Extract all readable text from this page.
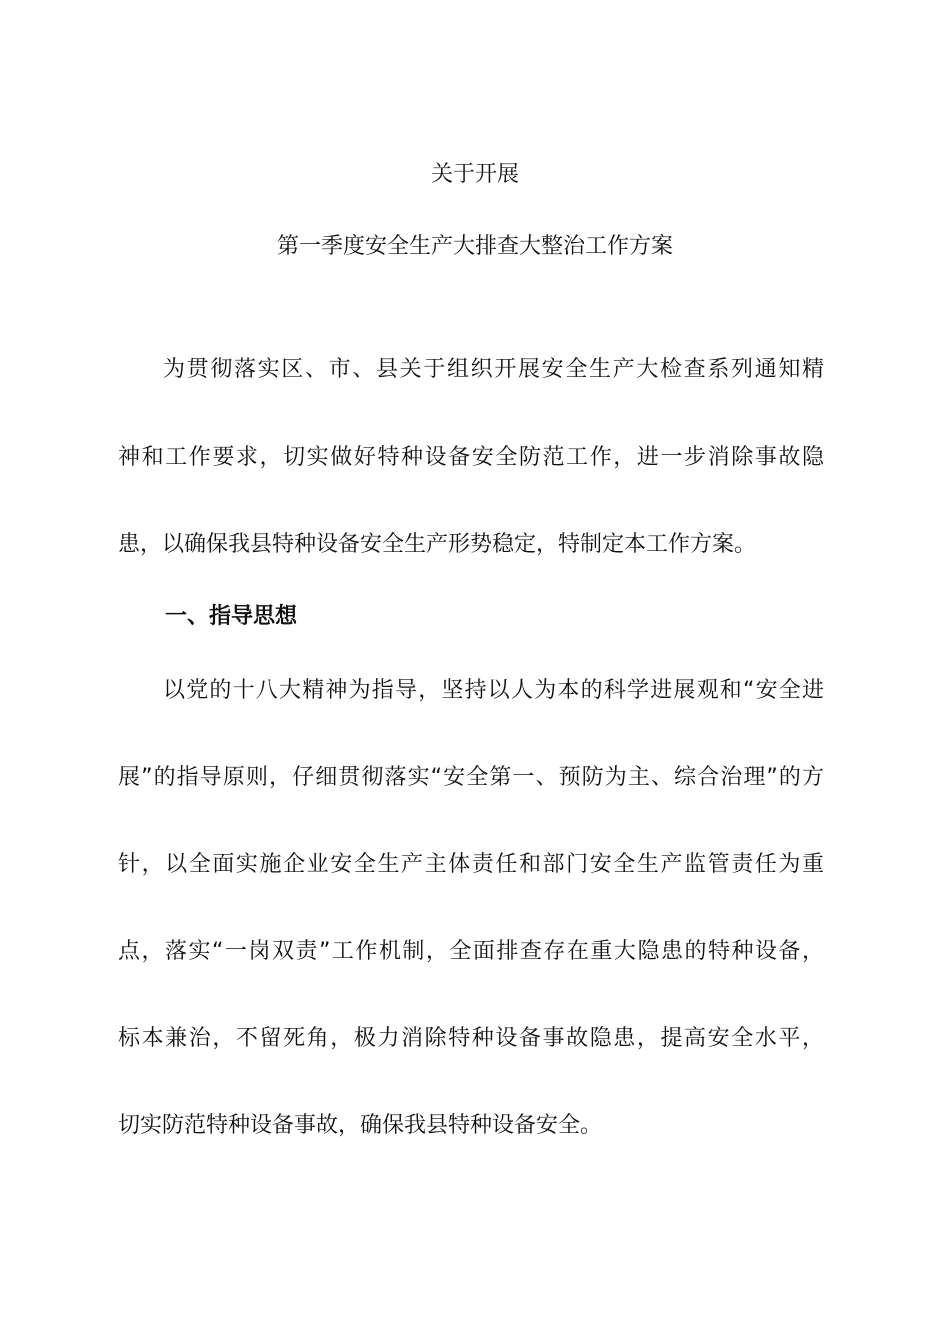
关于开展
第一季度安全生产大排查大整治工作方案
为贯彻落实区、市、县关于组织开展安全生产大检查系列通知精
神和工作要求，切实做好特种设备安全防范工作，进一步消除事故隐
患，以确保我县特种设备安全生产形势稳定，特制定本工作方案。
一、指导思想
以党的十八大精神为指导，坚持以人为本的科学进展观和“安全进
展”的指导原则，仔细贯彻落实“安全第一、预防为主、综合治理”的方
针，以全面实施企业安全生产主体责任和部门安全生产监管责任为重
点，落实“一岗双责”工作机制，全面排查存在重大隐患的特种设备，
标本兼治，不留死角，极力消除特种设备事故隐患，提高安全水平，
切实防范特种设备事故，确保我县特种设备安全。
